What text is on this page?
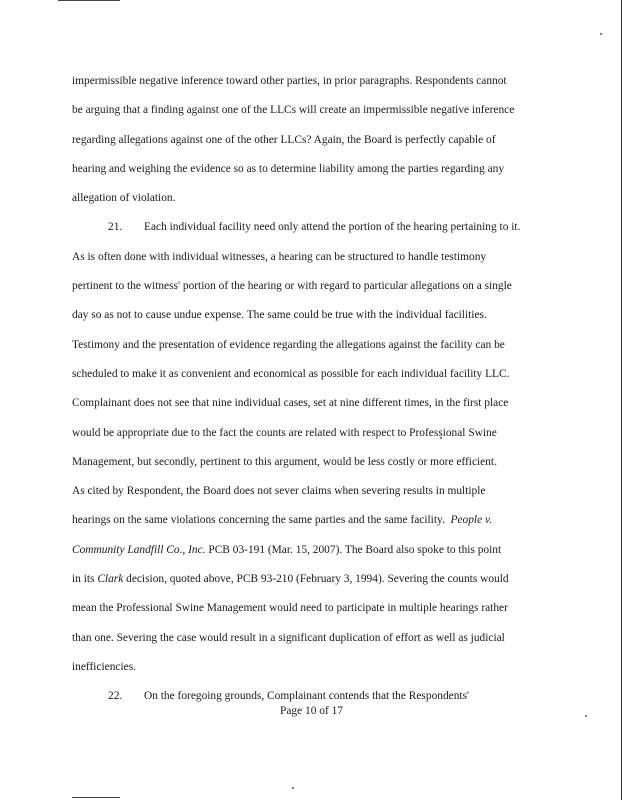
impermissible negative inference toward other parties, in prior paragraphs. Respondents cannot
be arguing that a finding against one of the LLCs will create an impermissible negative inference
regarding allegations against one of the other LLCs? Again, the Board is perfectly capable of
hearing and weighing the evidence so as to determine liability among the parties regarding any
allegation of violation.
21. Each individual facility need only attend the portion of the hearing pertaining to it.
As is often done with individual witnesses, a hearing can be structured to handle testimony
pertinent to the witness' portion of the hearing or with regard to particular allegations on a single
day so as not to cause undue expense. The same could be true with the individual facilities.
Testimony and the presentation of evidence regarding the allegations against the facility can be
scheduled to make it as convenient and economical as possible for each individual facility LLC.
Complainant does not see that nine individual cases, set at nine different times, in the first place
would be appropriate due to the fact the counts are related with respect to Professional Swine
Management, but secondly, pertinent to this argument, would be less costly or more efficient.
As cited by Respondent, the Board does not sever claims when severing results in multiple
hearings on the same violations concerning the same parties and the same facility. People v.
Community Landfill Co., Inc. PCB 03-191 (Mar. 15, 2007). The Board also spoke to this point
in its Clark decision, quoted above, PCB 93-210 (February 3, 1994). Severing the counts would
mean the Professional Swine Management would need to participate in multiple hearings rather
than one. Severing the case would result in a significant duplication of effort as well as judicial
inefficiencies.
22. On the foregoing grounds, Complainant contends that the Respondents'
Page 10 of 17
